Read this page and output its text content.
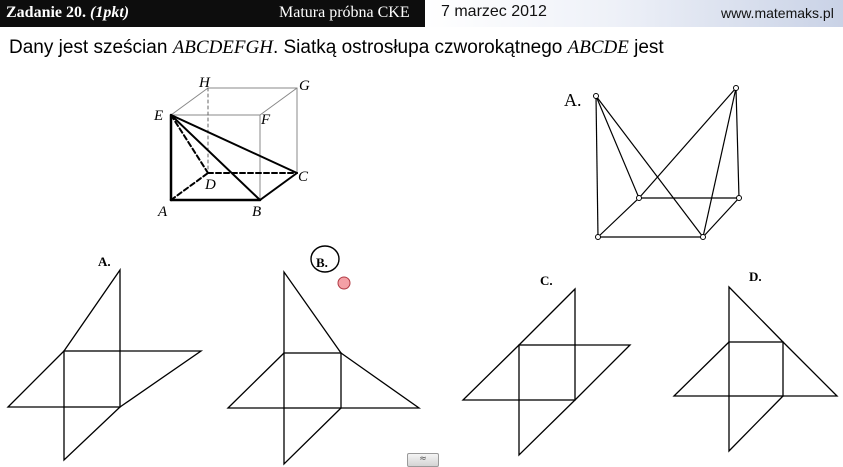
Zadanie 20. (1pkt)	Matura próbna CKE 7 marzec 2012	www.matemaks.pl
Dany jest sześcian ABCDEFGH. Siatką ostrosłupa czworokątnego ABCDE jest
E
H	G
F
C
D
A	B
A.
A.	B.
C.	D.
≈
